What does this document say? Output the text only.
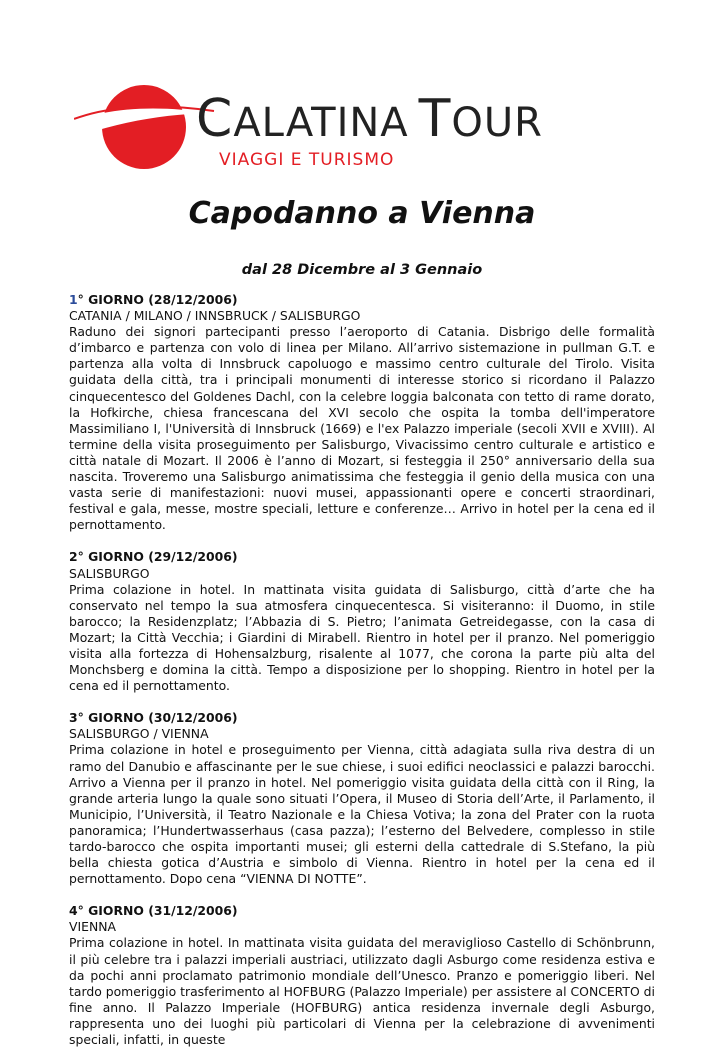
CALATINA TOUR
VIAGGI E TURISMO
Capodanno a Vienna

dal 28 Dicembre al 3 Gennaio

1° GIORNO (28/12/2006)

CATANIA / MILANO / INNSBRUCK / SALISBURGO

Raduno dei signori partecipanti presso l’aeroporto di Catania. Disbrigo delle formalità d’imbarco e partenza con volo di linea per Milano. All’arrivo sistemazione in pullman G.T. e partenza alla volta di Innsbruck capoluogo e massimo centro culturale del Tirolo. Visita guidata della città, tra i principali monumenti di interesse storico si ricordano il Palazzo cinquecentesco del Goldenes Dachl, con la celebre loggia balconata con tetto di rame dorato, la Hofkirche, chiesa francescana del XVI secolo che ospita la tomba dell'imperatore Massimiliano I, l'Università di Innsbruck (1669) e l'ex Palazzo imperiale (secoli XVII e XVIII). Al termine della visita proseguimento per Salisburgo, Vivacissimo centro culturale e artistico e città natale di Mozart. Il 2006 è l’anno di Mozart, si festeggia il 250° anniversario della sua nascita. Troveremo una Salisburgo animatissima che festeggia il genio della musica con una vasta serie di manifestazioni: nuovi musei, appassionanti opere e concerti straordinari, festival e gala, messe, mostre speciali, letture e conferenze… Arrivo in hotel per la cena ed il pernottamento.

2° GIORNO (29/12/2006)

SALISBURGO

Prima colazione in hotel. In mattinata visita guidata di Salisburgo, città d’arte che ha conservato nel tempo la sua atmosfera cinquecentesca. Si visiteranno: il Duomo, in stile barocco; la Residenzplatz; l’Abbazia di S. Pietro; l’animata Getreidegasse, con la casa di Mozart; la Città Vecchia; i Giardini di Mirabell. Rientro in hotel per il pranzo. Nel pomeriggio visita alla fortezza di Hohensalzburg, risalente al 1077, che corona la parte più alta del Monchsberg e domina la città. Tempo a disposizione per lo shopping. Rientro in hotel per la cena ed il pernottamento.

3° GIORNO (30/12/2006)

SALISBURGO / VIENNA

Prima colazione in hotel e proseguimento per Vienna, città adagiata sulla riva destra di un ramo del Danubio e affascinante per le sue chiese, i suoi edifici neoclassici e palazzi barocchi. Arrivo a Vienna per il pranzo in hotel. Nel pomeriggio visita guidata della città con il Ring, la grande arteria lungo la quale sono situati l’Opera, il Museo di Storia dell’Arte, il Parlamento, il Municipio, l’Università, il Teatro Nazionale e la Chiesa Votiva; la zona del Prater con la ruota panoramica; l’Hundertwasserhaus (casa pazza); l’esterno del Belvedere, complesso in stile tardo-barocco che ospita importanti musei; gli esterni della cattedrale di S.Stefano, la più bella chiesta gotica d’Austria e simbolo di Vienna. Rientro in hotel per la cena ed il pernottamento. Dopo cena “VIENNA DI NOTTE”.

4° GIORNO (31/12/2006)

VIENNA

Prima colazione in hotel. In mattinata visita guidata del meraviglioso Castello di Schönbrunn, il più celebre tra i palazzi imperiali austriaci, utilizzato dagli Asburgo come residenza estiva e da pochi anni proclamato patrimonio mondiale dell’Unesco. Pranzo e pomeriggio liberi. Nel tardo pomeriggio trasferimento al HOFBURG (Palazzo Imperiale) per assistere al CONCERTO di fine anno. Il Palazzo Imperiale (HOFBURG) antica residenza invernale degli Asburgo, rappresenta uno dei luoghi più particolari di Vienna per la celebrazione di avvenimenti speciali, infatti, in queste
